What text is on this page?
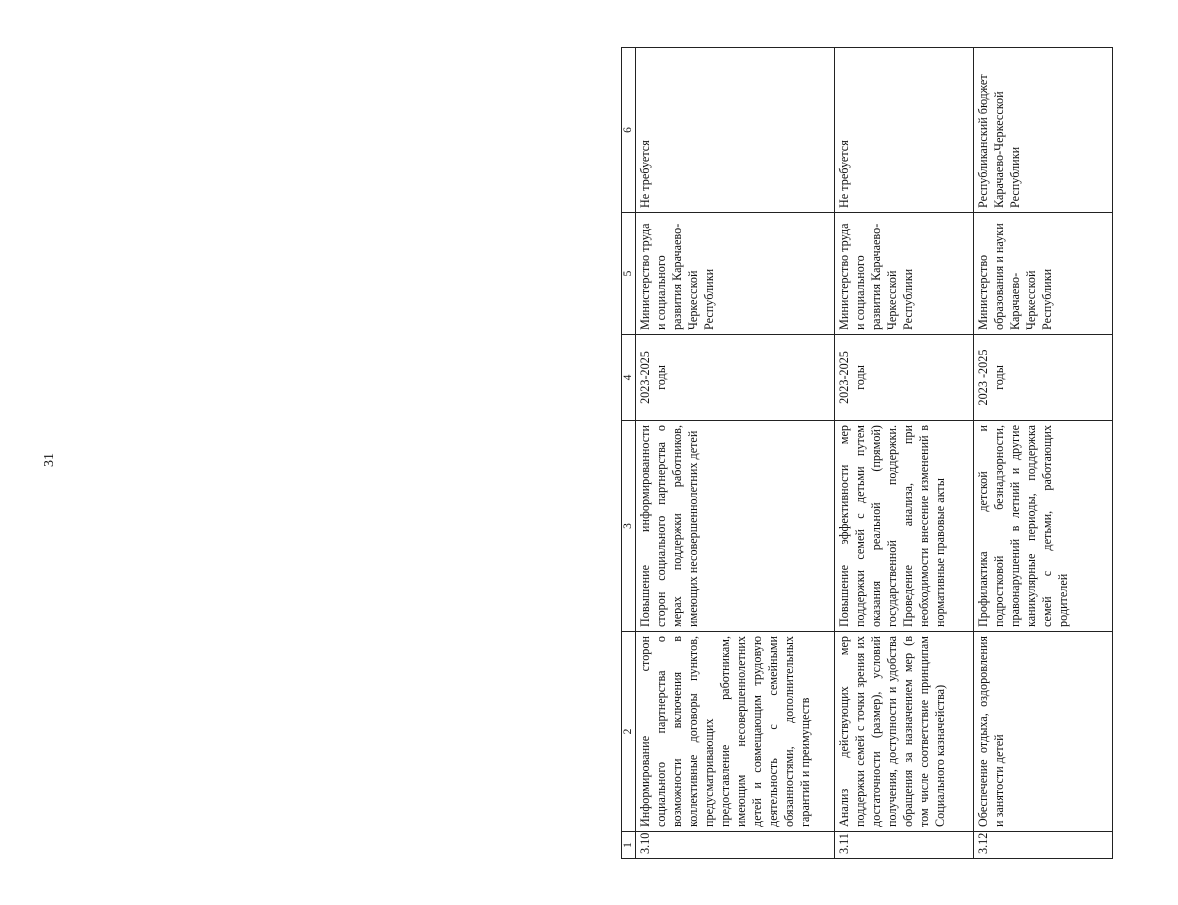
31
1	2	3	4	5	6
3.10	Информирование сторон социального партнерства о возможности включения в коллективные договоры пунктов, предусматривающих предоставление работникам, имеющим несовершеннолетних детей и совмещающим трудовую деятельность с семейными обязанностями, дополнительных гарантий и преимуществ	Повышение информированности сторон социального партнерства о мерах поддержки работников, имеющих несовершеннолетних детей	2023-2025 годы	Министерство труда и социального развития Карачаево-Черкесской Республики	Не требуется
3.11	Анализ действующих мер поддержки семей с точки зрения их достаточности (размер), условий получения, доступности и удобства обращения за назначением мер (в том числе соответствие принципам Социального казначейства)	Повышение эффективности мер поддержки семей с детьми путем оказания реальной (прямой) государственной поддержки. Проведение анализа, при необходимости внесение изменений в нормативные правовые акты	2023-2025 годы	Министерство труда и социального развития Карачаево-Черкесской Республики	Не требуется
3.12	Обеспечение отдыха, оздоровления и занятости детей	Профилактика детской и подростковой безнадзорности, правонарушений в летний и другие каникулярные периоды, поддержка семей с детьми, работающих родителей	2023 -2025 годы	Министерство образования и науки Карачаево-Черкесской Республики	Республиканский бюджет Карачаево-Черкесской Республики
